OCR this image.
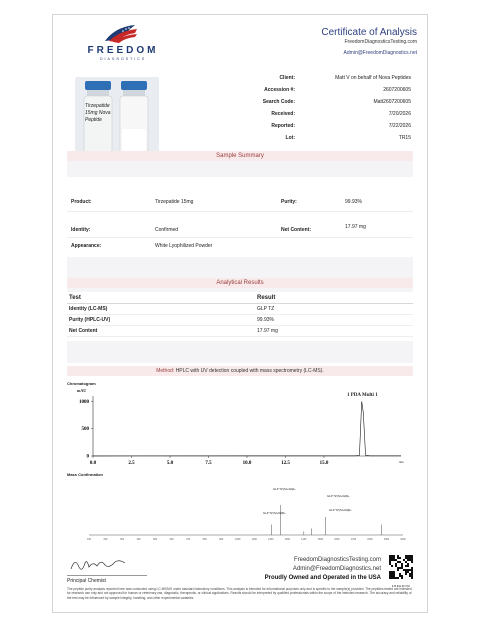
FREEDOM
DIAGNOSTICS
Certificate of Analysis
FreedomDiagnosticsTesting.com
Admin@FreedomDiagnostics.net
Tirzepatide 15mg Nova Peptide
Client:	Matt V on behalf of Nova Peptides
Accession #:	2607200605
Search Code:	Matt2607200605
Received:	7/20/2026
Reported:	7/22/2026
Lot:	TR15
Sample Summary
Product:	Tirzepatide 15mg	Purity:	99.93%
Identity:	Confirmed	Net Content:	17.97 mg
Appearance:	White Lyophilized Powder
Analytical Results
Test	Result
Identity (LC-MS)	GLP TZ
Purity (HPLC-UV)	99.93%
Net Content	17.97 mg
Method: HPLC with UV detection coupled with mass spectrometry (LC-MS).
Chromatogram
0
500
1000
0.0	2.5	5.0	7.5	10.0	12.5	15.0
mAU
1 PDA Multi 1
min
Mass Confirmation
100	200	300	400	500	600	700	800	900	1000	1100	1200	1300	1400	1500	1600	1700	1800	1900	2000
GLP TZ [M+4H]4+
GLP TZ [M+3H]3+
GLP TZ [M+5H]5+
GLP TZ [M+6H]6+
Principal Chemist
FreedomDiagnosticsTesting.com
Admin@FreedomDiagnostics.net
Proudly Owned and Operated in the USA
FREEDOM
The peptide purity analysis reported here was conducted using LC-MS/MS under standard laboratory conditions. This analysis is intended for informational purposes only and is specific to the sample(s) provided. The peptides tested are intended for research use only and not approved for human or veterinary use, diagnostic, therapeutic, or clinical applications. Results should be interpreted by qualified professionals within the scope of the intended research. The accuracy and reliability of the test may be influenced by sample integrity, handling, and other experimental variables.
